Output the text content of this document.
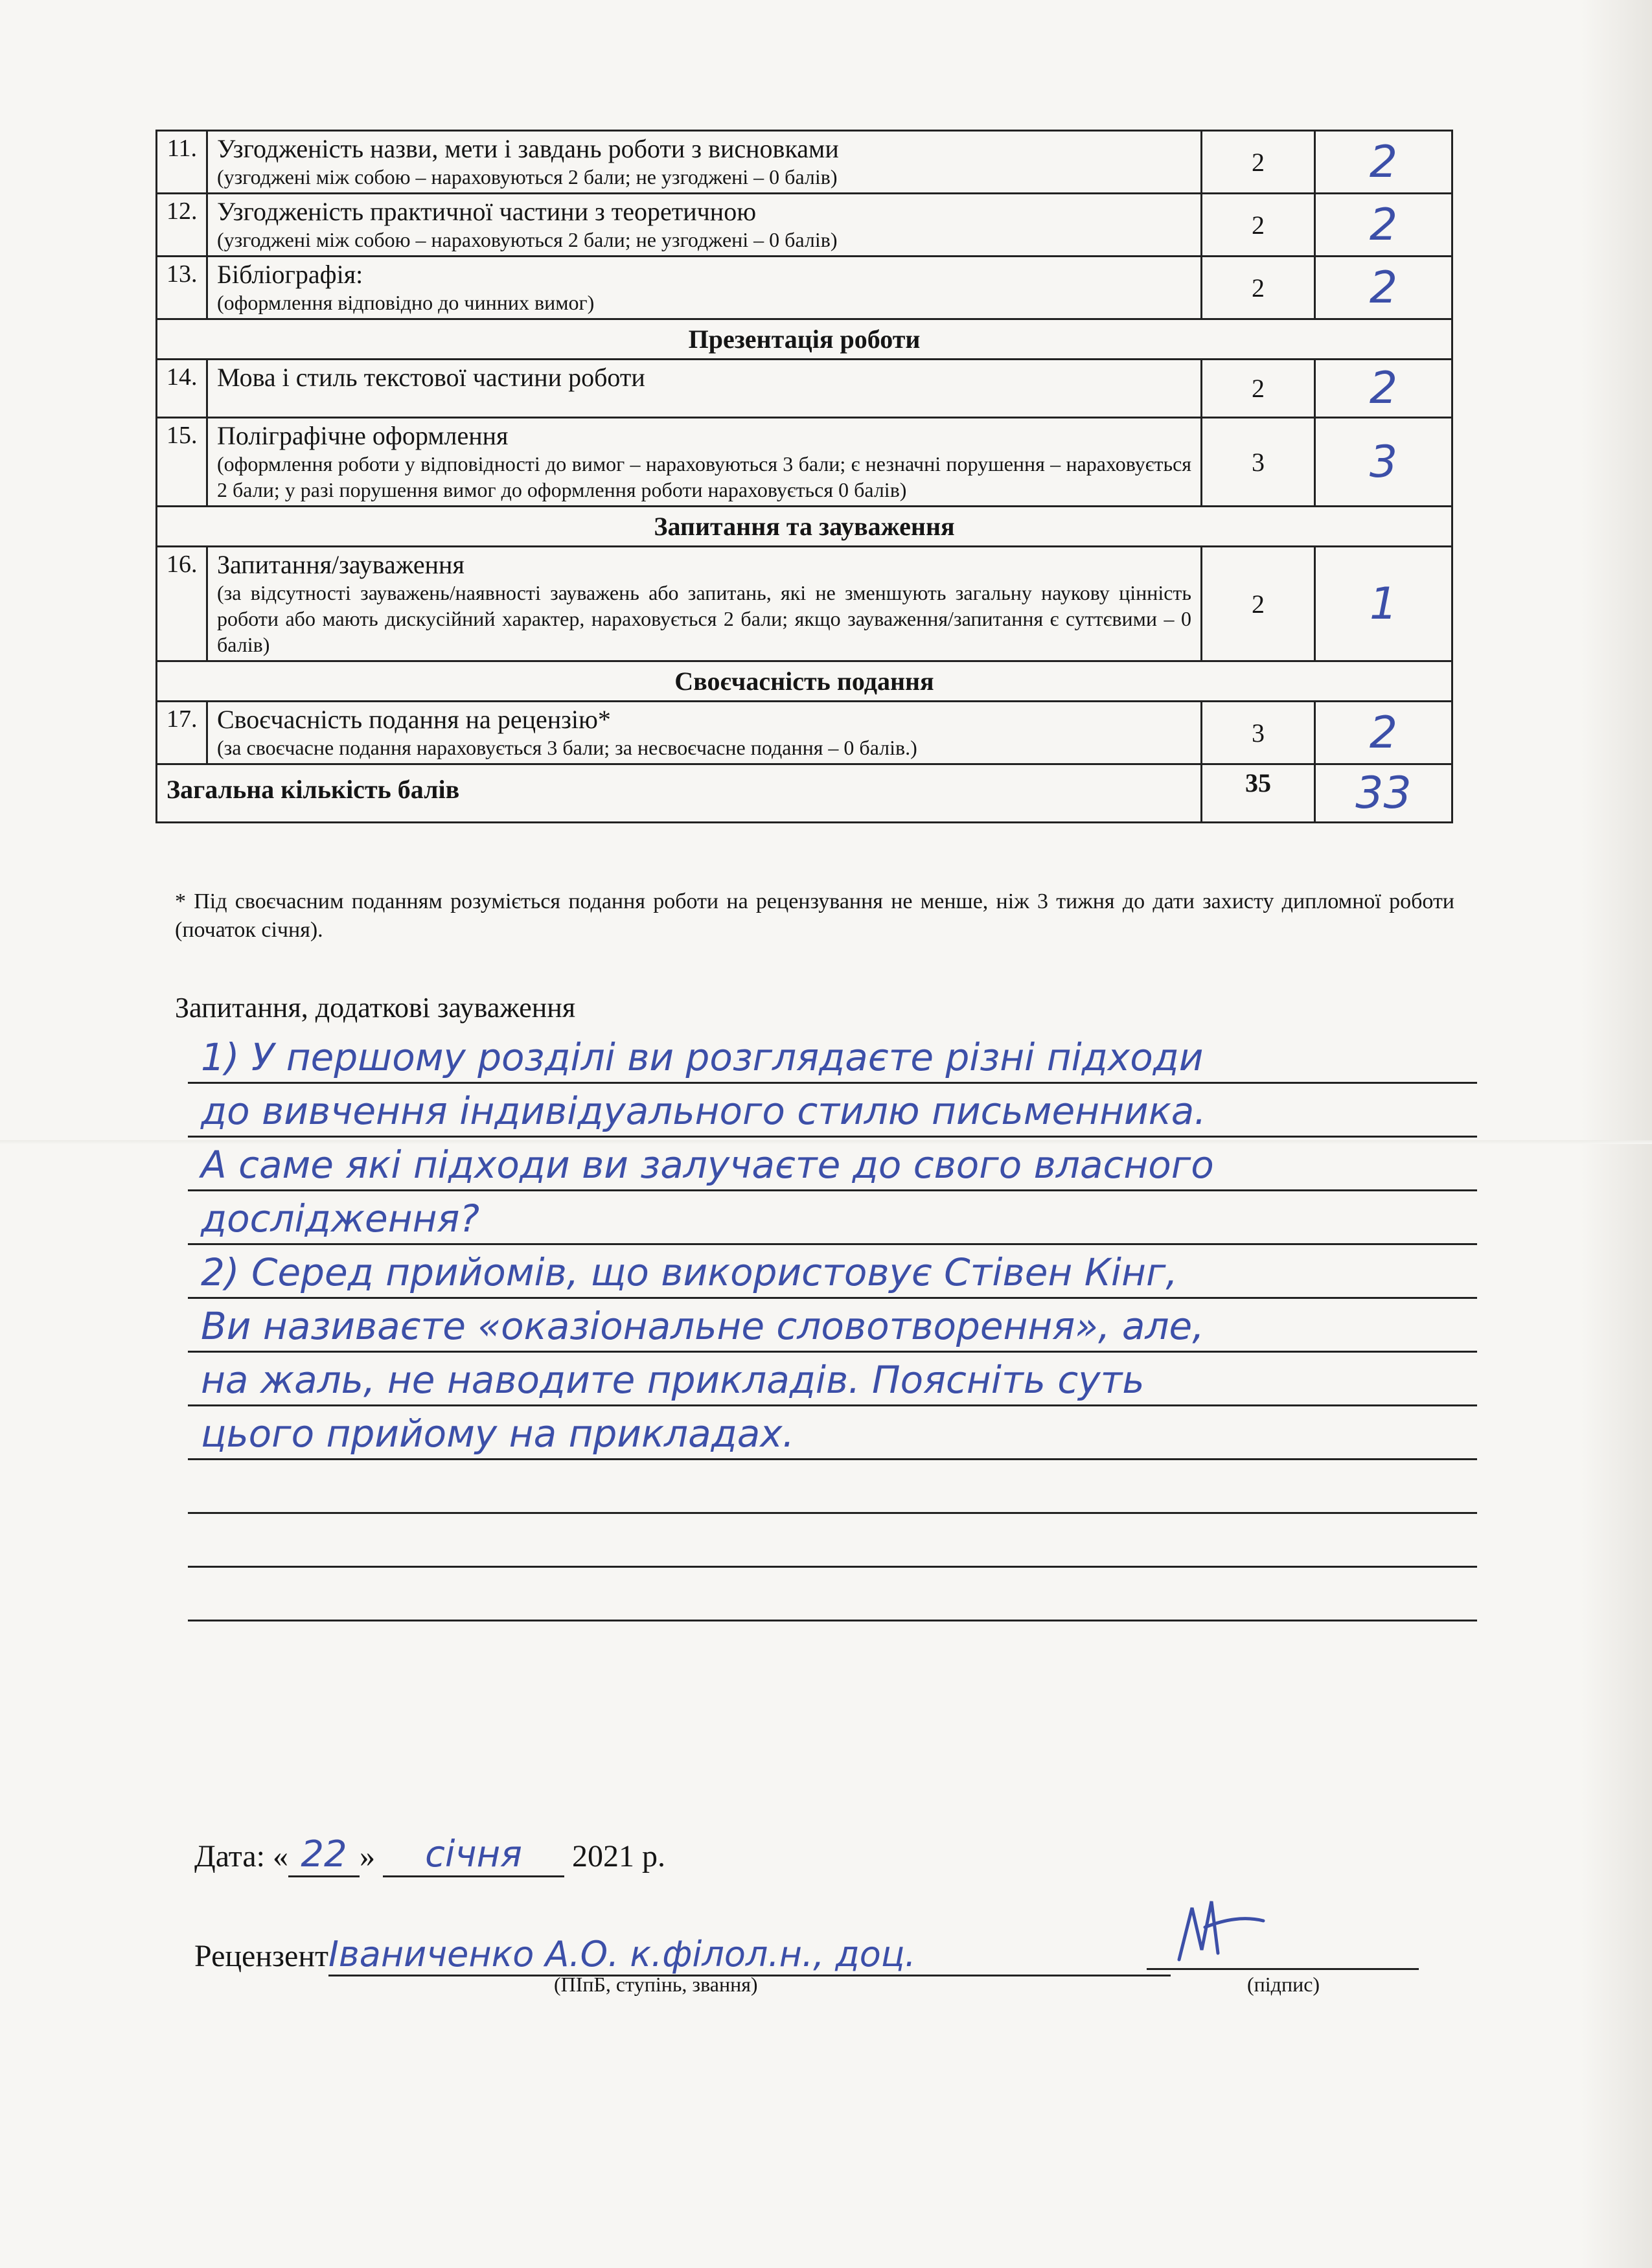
11.	Узгодженість назви, мети і завдань роботи з висновками
(узгоджені між собою – нараховуються 2 бали; не узгоджені – 0 балів)	2	2
12.	Узгодженість практичної частини з теоретичною
(узгоджені між собою – нараховуються 2 бали; не узгоджені – 0 балів)	2	2
13.	Бібліографія:
(оформлення відповідно до чинних вимог)	2	2
Презентація роботи			
14.	Мова і стиль текстової частини роботи	2	2
15.	Поліграфічне оформлення
(оформлення роботи у відповідності до вимог – нараховуються 3 бали; є незначні порушення – нараховується 2 бали; у разі порушення вимог до оформлення роботи нараховується 0 балів)	3	3
Запитання та зауваження			
16.	Запитання/зауваження
(за відсутності зауважень/наявності зауважень або запитань, які не зменшують загальну наукову цінність роботи або мають дискусійний характер, нараховується 2 бали; якщо зауваження/запитання є суттєвими – 0 балів)	2	1
Своєчасність подання			
17.	Своєчасність подання на рецензію*
(за своєчасне подання нараховується 3 бали; за несвоєчасне подання – 0 балів.)	3	2
Загальна кількість балів		35	33
* Під своєчасним поданням розуміється подання роботи на рецензування не менше, ніж 3 тижня до дати захисту дипломної роботи (початок січня).
Запитання, додаткові зауваження
1) У першому розділі ви розглядаєте різні підходи
до вивчення індивідуального стилю письменника.
А саме які підходи ви залучаєте до свого власного
дослідження?
2) Серед прийомів, що використовує Стівен Кінг,
Ви називаєте «оказіональне словотворення», але,
на жаль, не наводите прикладів. Поясніть суть
цього прийому на прикладах.
Дата: « 22 » січня 2021 р.
РецензентІваниченко А.О. к.філол.н., доц.
(ПІпБ, ступінь, звання)	(підпис)
